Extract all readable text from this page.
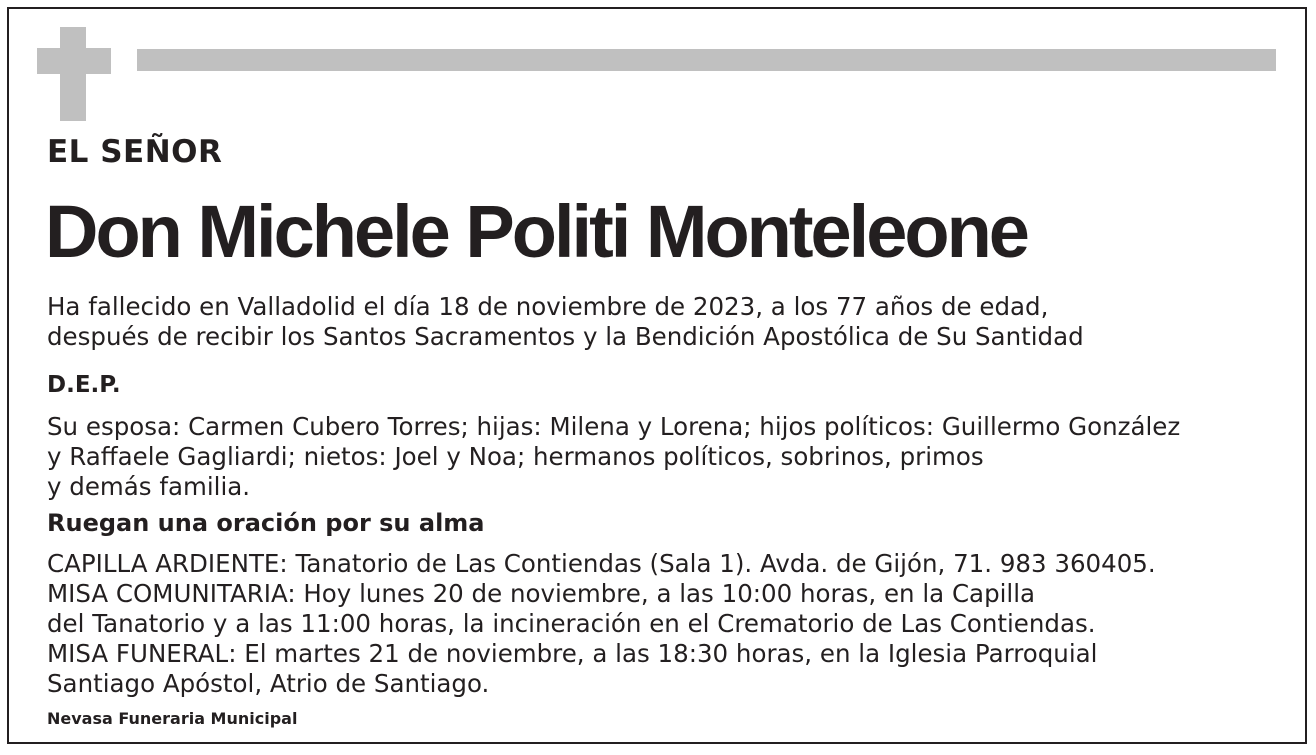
EL SEÑOR
Don Michele Politi Monteleone
Ha fallecido en Valladolid el día 18 de noviembre de 2023, a los 77 años de edad,
después de recibir los Santos Sacramentos y la Bendición Apostólica de Su Santidad
D.E.P.
Su esposa: Carmen Cubero Torres; hijas: Milena y Lorena; hijos políticos: Guillermo González
y Raffaele Gagliardi; nietos: Joel y Noa; hermanos políticos, sobrinos, primos
y demás familia.
Ruegan una oración por su alma
CAPILLA ARDIENTE: Tanatorio de Las Contiendas (Sala 1). Avda. de Gijón, 71. 983 360405.
MISA COMUNITARIA: Hoy lunes 20 de noviembre, a las 10:00 horas, en la Capilla
del Tanatorio y a las 11:00 horas, la incineración en el Crematorio de Las Contiendas.
MISA FUNERAL: El martes 21 de noviembre, a las 18:30 horas, en la Iglesia Parroquial
Santiago Apóstol, Atrio de Santiago.
Nevasa Funeraria Municipal
